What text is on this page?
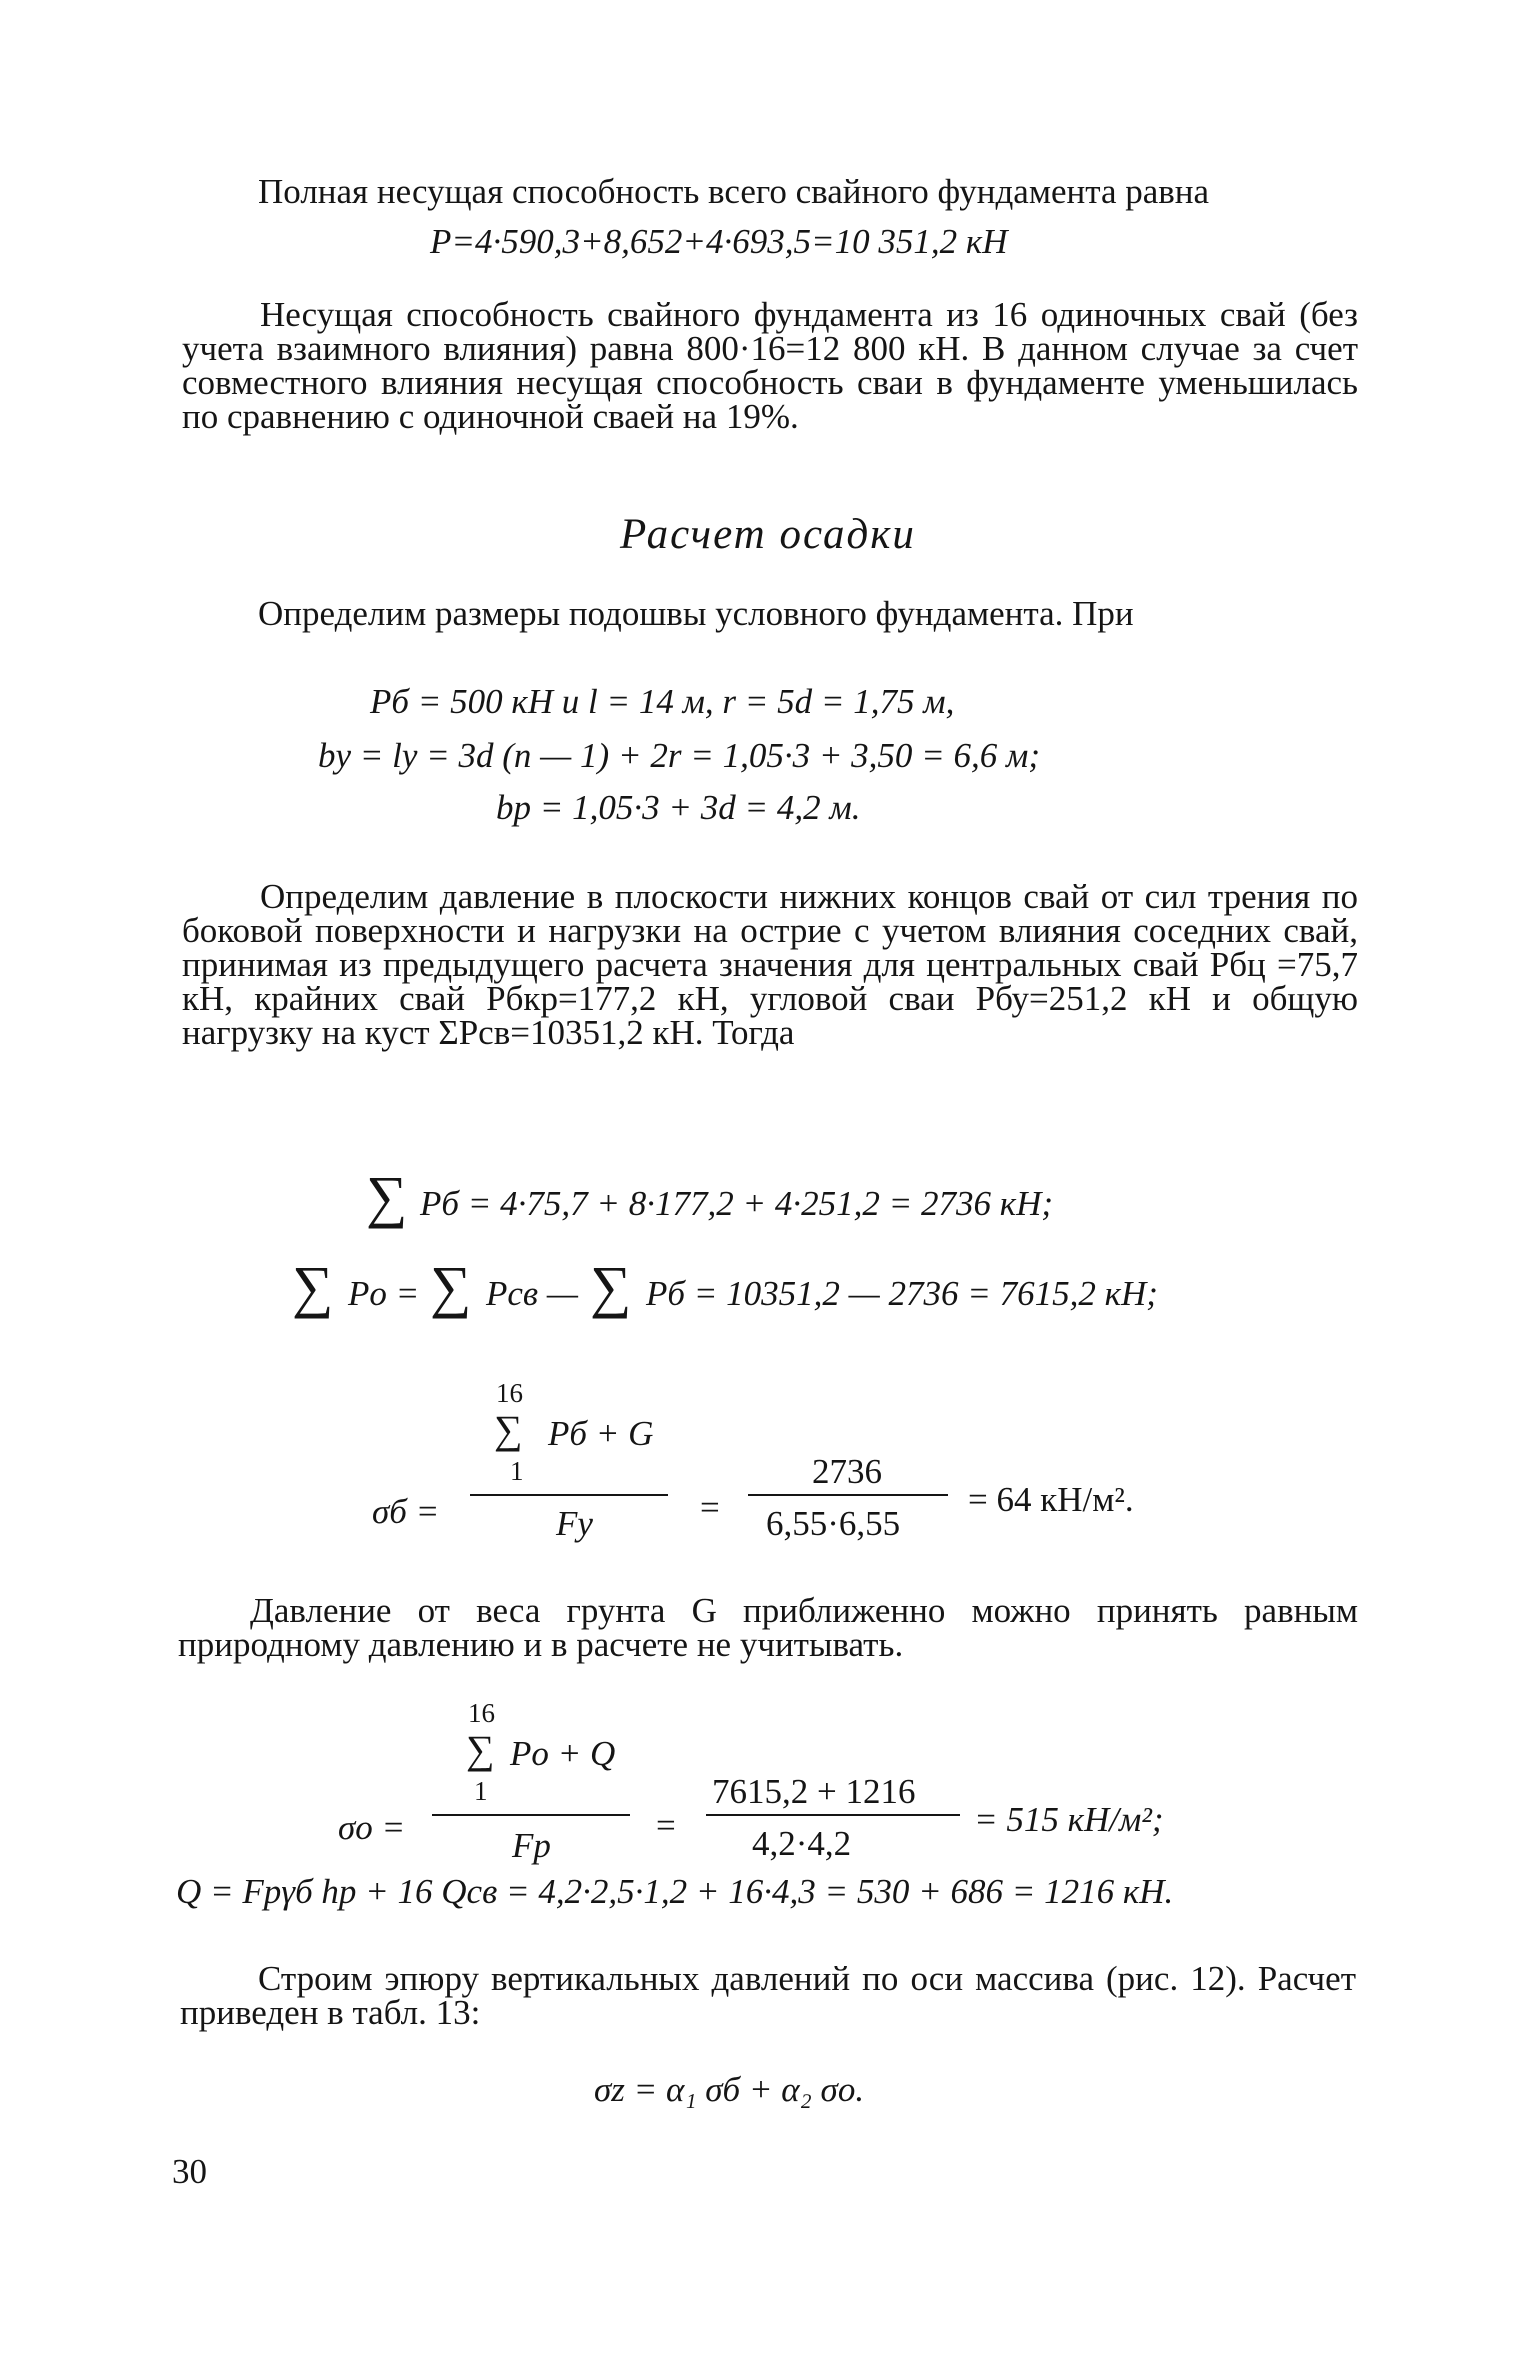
Полная несущая способность всего свайного фундамента равна
P=4·590,3+8,652+4·693,5=10 351,2 кН

Несущая способность свайного фундамента из 16 одиночных свай (без учета взаимного влияния) равна 800·16=12 800 кН. В данном случае за счет совместного влияния несущая способность сваи в фундаменте уменьшилась по сравнению с одиночной сваей на 19%.

Расчет осадки
Определим размеры подошвы условного фундамента. При
Pб = 500 кН и l = 14 м, r = 5d = 1,75 м,
bу = lу = 3d (n — 1) + 2r = 1,05·3 + 3,50 = 6,6 м;
bр = 1,05·3 + 3d = 4,2 м.

Определим давление в плоскости нижних концов свай от сил трения по боковой поверхности и нагрузки на острие с учетом влияния соседних свай, принимая из предыдущего расчета значения для центральных свай Pбц =75,7 кН, крайних свай Pбкр=177,2 кН, угловой сваи Pбу=251,2 кН и общую нагрузку на куст ΣPсв=10351,2 кН. Тогда

∑ Pб = 4·75,7 + 8·177,2 + 4·251,2 = 2736 кН;
∑ Pо = ∑ Pсв — ∑ Pб = 10351,2 — 2736 = 7615,2 кН;
16
∑ Pб + G
1
σб =	Fу	=
2736
6,55·6,55
= 64 кН/м².

Давление от веса грунта G приближенно можно принять равным природному давлению и в расчете не учитывать.

16
∑ Pо + Q
1
σо =	Fр
=
7615,2 + 1216
4,2·4,2
= 515 кН/м²;
Q = Fрγб hр + 16 Qсв = 4,2·2,5·1,2 + 16·4,3 = 530 + 686 = 1216 кН.

Строим эпюру вертикальных давлений по оси массива (рис. 12). Расчет приведен в табл. 13:

σz = α₁ σб + α₂ σо.
30
